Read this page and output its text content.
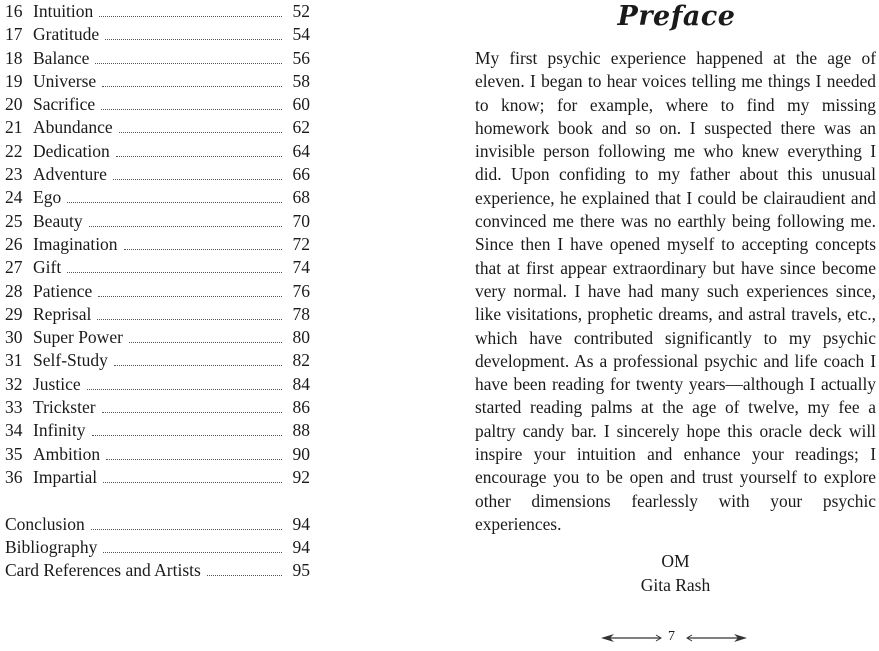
16 Intuition	52
17 Gratitude	54
18 Balance	56
19 Universe	58
20 Sacrifice	60
21 Abundance	62
22 Dedication	64
23 Adventure	66
24 Ego	68
25 Beauty	70
26 Imagination	72
27 Gift	74
28 Patience	76
29 Reprisal	78
30 Super Power	80
31 Self-Study	82
32 Justice	84
33 Trickster	86
34 Infinity	88
35 Ambition	90
36 Impartial	92
Conclusion	94
Bibliography	94
Card References and Artists	95
Preface

My first psychic experience happened at the age of eleven. I began to hear voices telling me things I needed to know; for example, where to find my missing homework book and so on. I suspected there was an invisible person following me who knew everything I did. Upon confiding to my father about this unusual experience, he explained that I could be clairaudient and convinced me there was no earthly being following me. Since then I have opened myself to accepting concepts that at first appear extraordinary but have since become very normal. I have had many such experiences since, like visitations, prophetic dreams, and astral travels, etc., which have contributed significantly to my psychic development. As a professional psychic and life coach I have been reading for twenty years—although I actually started reading palms at the age of twelve, my fee a paltry candy bar. I sincerely hope this oracle deck will inspire your intuition and enhance your readings; I encourage you to be open and trust yourself to explore other dimensions fearlessly with your psychic experiences.

OM
Gita Rash
7
